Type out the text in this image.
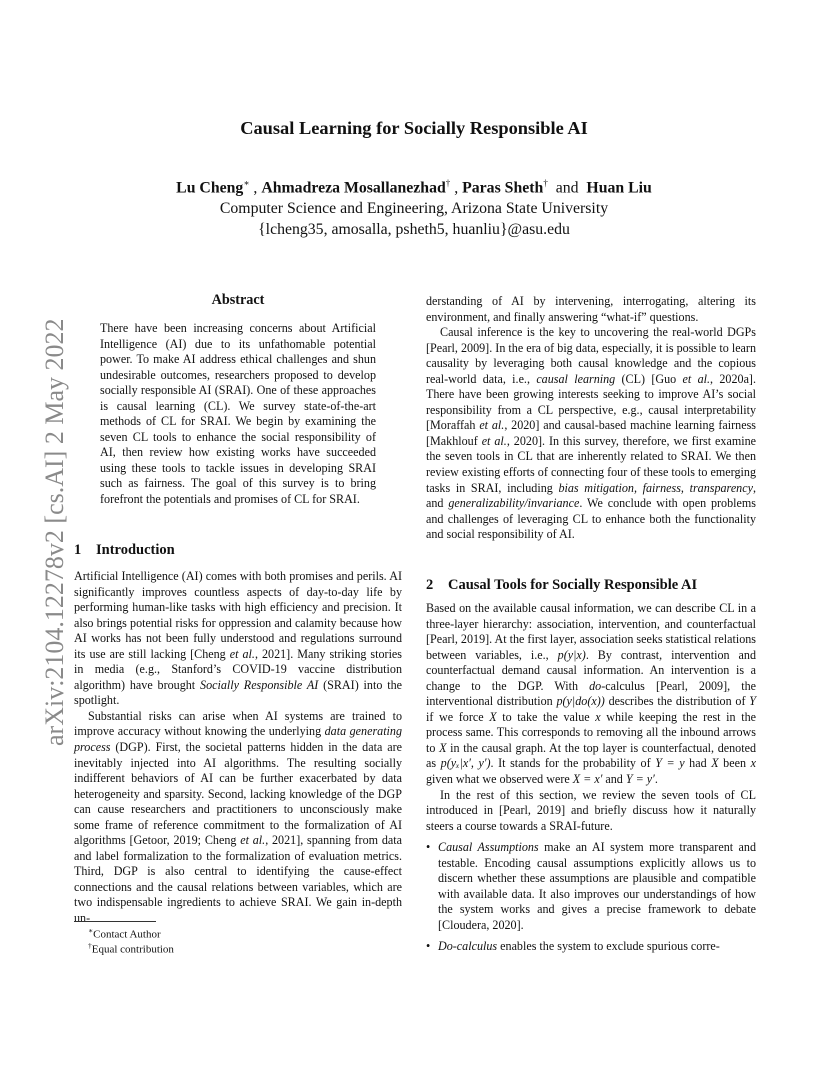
arXiv:2104.12278v2 [cs.AI] 2 May 2022
Causal Learning for Socially Responsible AI
Lu Cheng∗ , Ahmadreza Mosallanezhad† , Paras Sheth†  and  Huan Liu
Computer Science and Engineering, Arizona State University
{lcheng35, amosalla, psheth5, huanliu}@asu.edu
Abstract

There have been increasing concerns about Artificial Intelligence (AI) due to its unfathomable potential power. To make AI address ethical challenges and shun undesirable outcomes, researchers proposed to develop socially responsible AI (SRAI). One of these approaches is causal learning (CL). We survey state-of-the-art methods of CL for SRAI. We begin by examining the seven CL tools to enhance the social responsibility of AI, then review how existing works have succeeded using these tools to tackle issues in developing SRAI such as fairness. The goal of this survey is to bring forefront the potentials and promises of CL for SRAI.

1 Introduction

Artificial Intelligence (AI) comes with both promises and perils. AI significantly improves countless aspects of day-to-day life by performing human-like tasks with high efficiency and precision. It also brings potential risks for oppression and calamity because how AI works has not been fully understood and regulations surround its use are still lacking [Cheng et al., 2021]. Many striking stories in media (e.g., Stanford’s COVID-19 vaccine distribution algorithm) have brought Socially Responsible AI (SRAI) into the spotlight.

Substantial risks can arise when AI systems are trained to improve accuracy without knowing the underlying data generating process (DGP). First, the societal patterns hidden in the data are inevitably injected into AI algorithms. The resulting socially indifferent behaviors of AI can be further exacerbated by data heterogeneity and sparsity. Second, lacking knowledge of the DGP can cause researchers and practitioners to unconsciously make some frame of reference commitment to the formalization of AI algorithms [Getoor, 2019; Cheng et al., 2021], spanning from data and label formalization to the formalization of evaluation metrics. Third, DGP is also central to identifying the cause-effect connections and the causal relations between variables, which are two indispensable ingredients to achieve SRAI. We gain in-depth un-

∗Contact Author
†Equal contribution

derstanding of AI by intervening, interrogating, altering its environment, and finally answering “what-if” questions.

Causal inference is the key to uncovering the real-world DGPs [Pearl, 2009]. In the era of big data, especially, it is possible to learn causality by leveraging both causal knowledge and the copious real-world data, i.e., causal learning (CL) [Guo et al., 2020a]. There have been growing interests seeking to improve AI’s social responsibility from a CL perspective, e.g., causal interpretability [Moraffah et al., 2020] and causal-based machine learning fairness [Makhlouf et al., 2020]. In this survey, therefore, we first examine the seven tools in CL that are inherently related to SRAI. We then review existing efforts of connecting four of these tools to emerging tasks in SRAI, including bias mitigation, fairness, transparency, and generalizability/invariance. We conclude with open problems and challenges of leveraging CL to enhance both the functionality and social responsibility of AI.

2 Causal Tools for Socially Responsible AI

Based on the available causal information, we can describe CL in a three-layer hierarchy: association, intervention, and counterfactual [Pearl, 2019]. At the first layer, association seeks statistical relations between variables, i.e., p(y|x). By contrast, intervention and counterfactual demand causal information. An intervention is a change to the DGP. With do-calculus [Pearl, 2009], the interventional distribution p(y|do(x)) describes the distribution of Y if we force X to take the value x while keeping the rest in the process same. This corresponds to removing all the inbound arrows to X in the causal graph. At the top layer is counterfactual, denoted as p(yₓ|x′, y′). It stands for the probability of Y = y had X been x given what we observed were X = x′ and Y = y′.

In the rest of this section, we review the seven tools of CL introduced in [Pearl, 2019] and briefly discuss how it naturally steers a course towards a SRAI-future.

• Causal Assumptions make an AI system more transparent and testable. Encoding causal assumptions explicitly allows us to discern whether these assumptions are plausible and compatible with available data. It also improves our understandings of how the system works and gives a precise framework to debate [Cloudera, 2020].
• Do-calculus enables the system to exclude spurious corre-
